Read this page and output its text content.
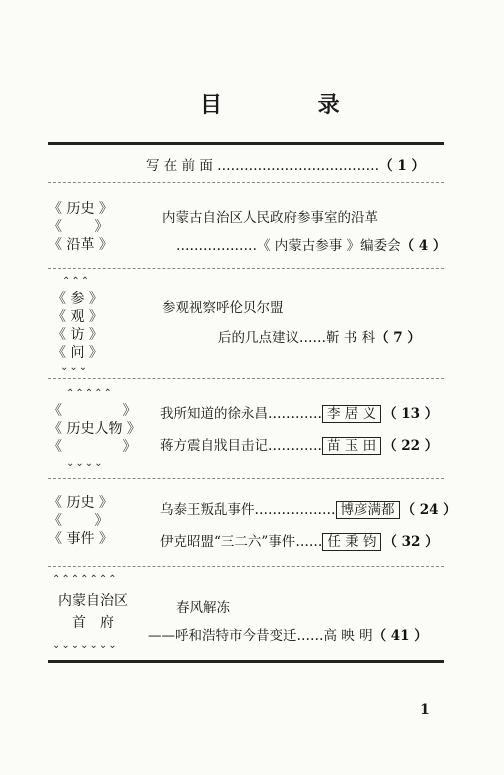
目 录
写 在 前 面 ………………………………（ 1 ）
《 历史 》
《　　 》
《 沿革 》
内蒙古自治区人民政府参事室的沿革
………………《 内蒙古参事 》编委会（ 4 ）
⌃⌃⌃
《 参 》
《 观 》
《 访 》
《 问 》
⌄⌄⌄
参观视察呼伦贝尔盟
后的几点建议……靳 书 科（ 7 ）
⌃⌃⌃⌃⌃
《　　　　 》
《 历史人物 》
《　　　　 》
⌄⌄⌄⌄
我所知道的徐永昌………… 李 居 义 （ 13 ）
蒋方震自戕目击记………… 苗 玉 田 （ 22 ）
《 历史 》
《　　 》
《 事件 》
乌泰王叛乱事件……………… 博彦满都 （ 24 ）
伊克昭盟“三二六”事件…… 任 秉 钧 （ 32 ）
⌃⌃⌃⌃⌃⌃⌃
内蒙自治区
首　府
⌄⌄⌄⌄⌄⌄⌄
春风解冻
——呼和浩特市今昔变迁……高 映 明（ 41 ）
1
